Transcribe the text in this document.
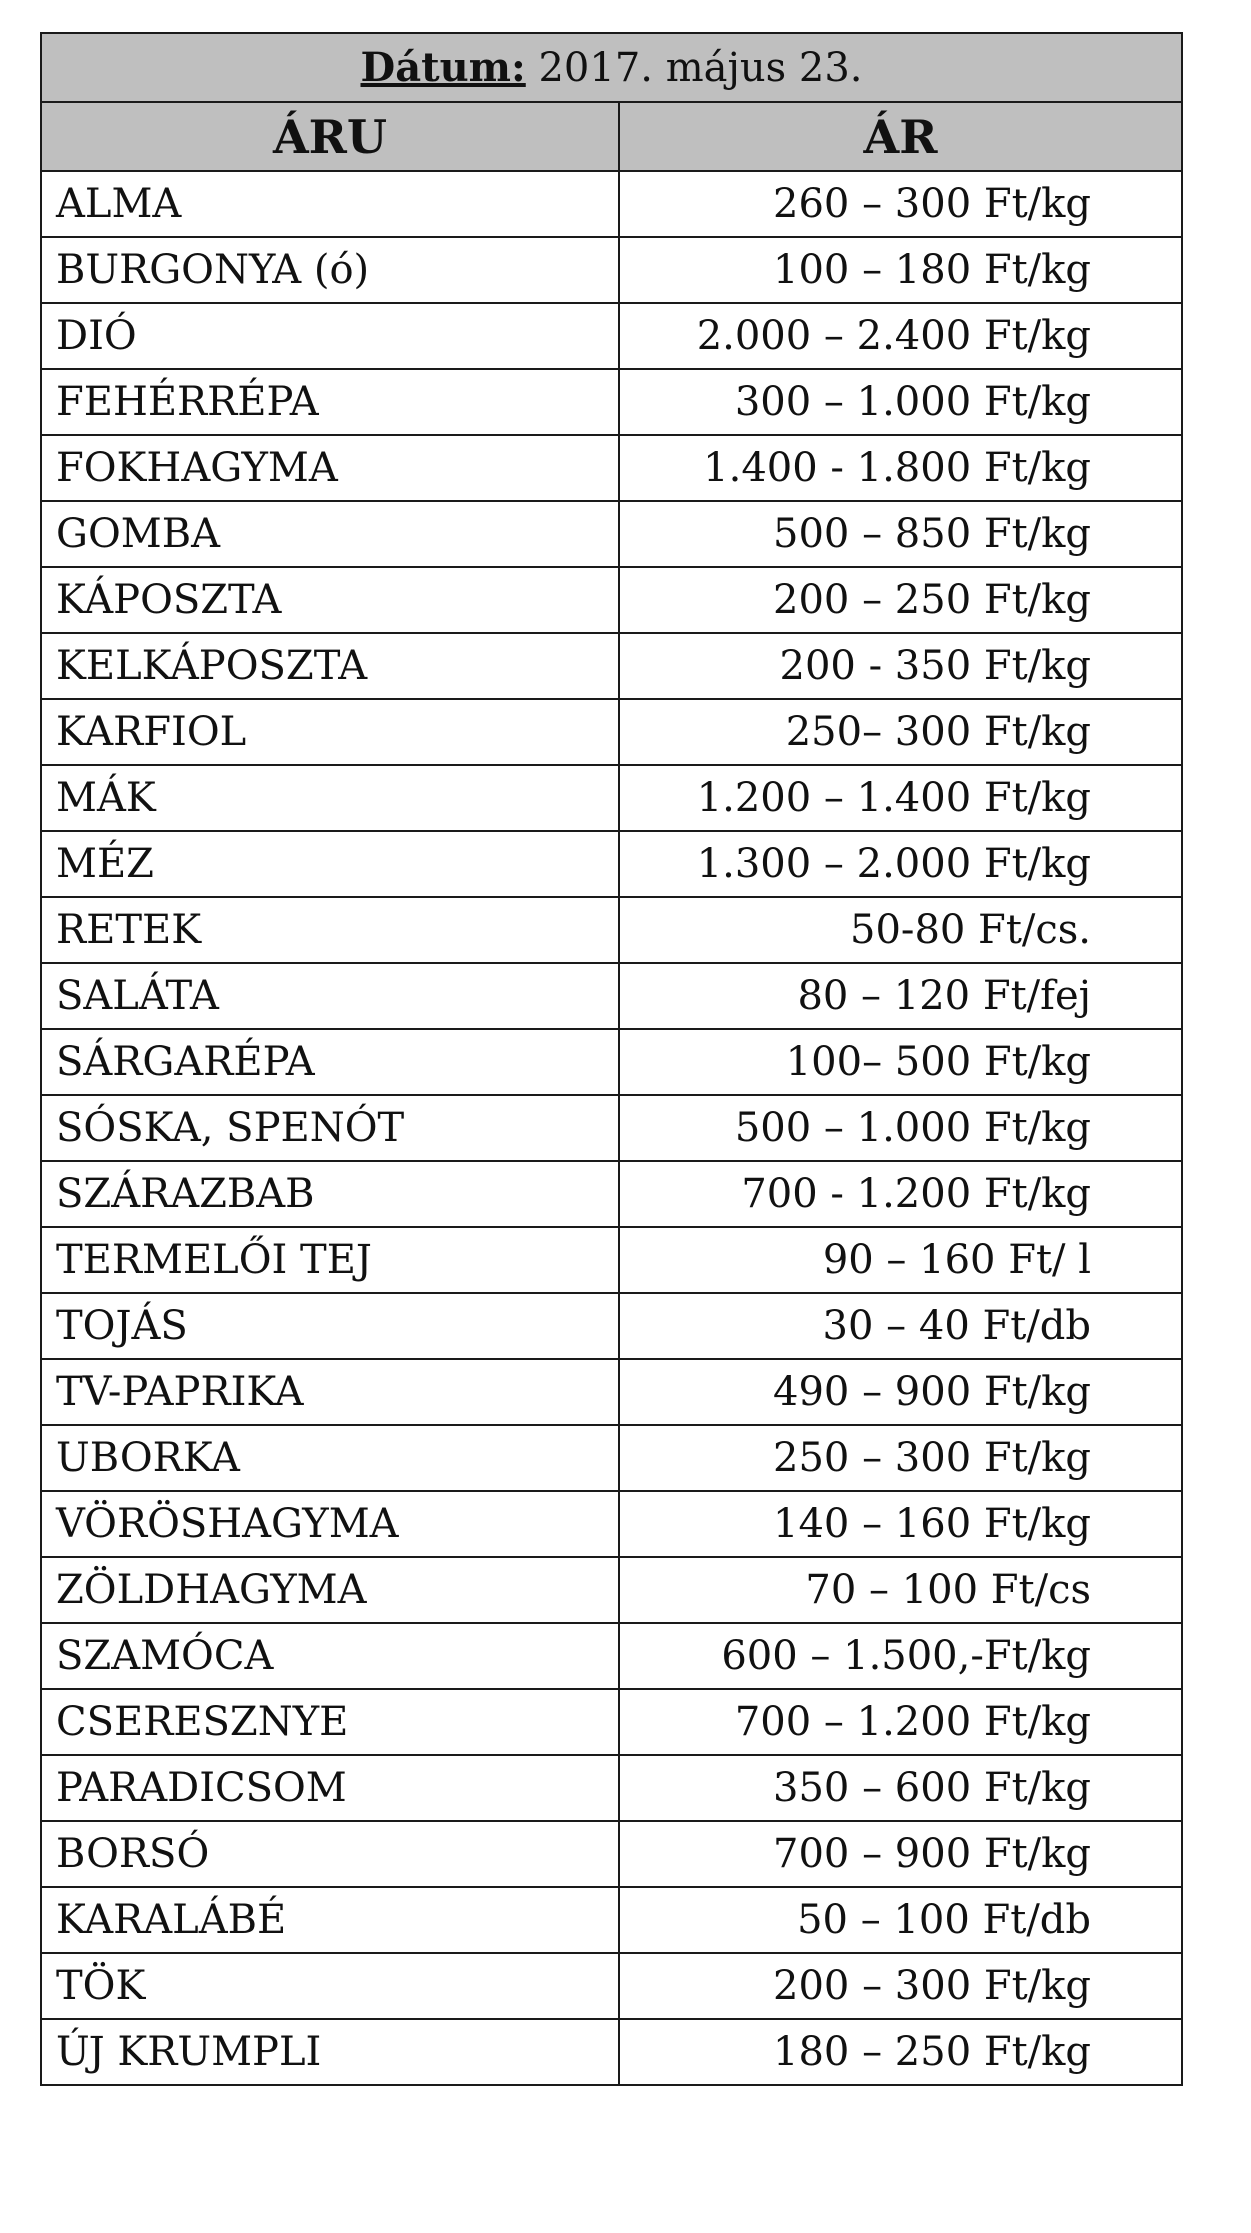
Dátum: 2017. május 23.	
ÁRU	ÁR
ALMA	260 – 300 Ft/kg
BURGONYA (ó)	100 – 180 Ft/kg
DIÓ	2.000 – 2.400 Ft/kg
FEHÉRRÉPA	300 – 1.000 Ft/kg
FOKHAGYMA	1.400 - 1.800 Ft/kg
GOMBA	500 – 850 Ft/kg
KÁPOSZTA	200 – 250 Ft/kg
KELKÁPOSZTA	200 - 350 Ft/kg
KARFIOL	250– 300 Ft/kg
MÁK	1.200 – 1.400 Ft/kg
MÉZ	1.300 – 2.000 Ft/kg
RETEK	50-80 Ft/cs.
SALÁTA	80 – 120 Ft/fej
SÁRGARÉPA	100– 500 Ft/kg
SÓSKA, SPENÓT	500 – 1.000 Ft/kg
SZÁRAZBAB	700 - 1.200 Ft/kg
TERMELŐI TEJ	90 – 160 Ft/ l
TOJÁS	30 – 40 Ft/db
TV-PAPRIKA	490 – 900 Ft/kg
UBORKA	250 – 300 Ft/kg
VÖRÖSHAGYMA	140 – 160 Ft/kg
ZÖLDHAGYMA	70 – 100 Ft/cs
SZAMÓCA	600 – 1.500,-Ft/kg
CSERESZNYE	700 – 1.200 Ft/kg
PARADICSOM	350 – 600 Ft/kg
BORSÓ	700 – 900 Ft/kg
KARALÁBÉ	50 – 100 Ft/db
TÖK	200 – 300 Ft/kg
ÚJ KRUMPLI	180 – 250 Ft/kg
